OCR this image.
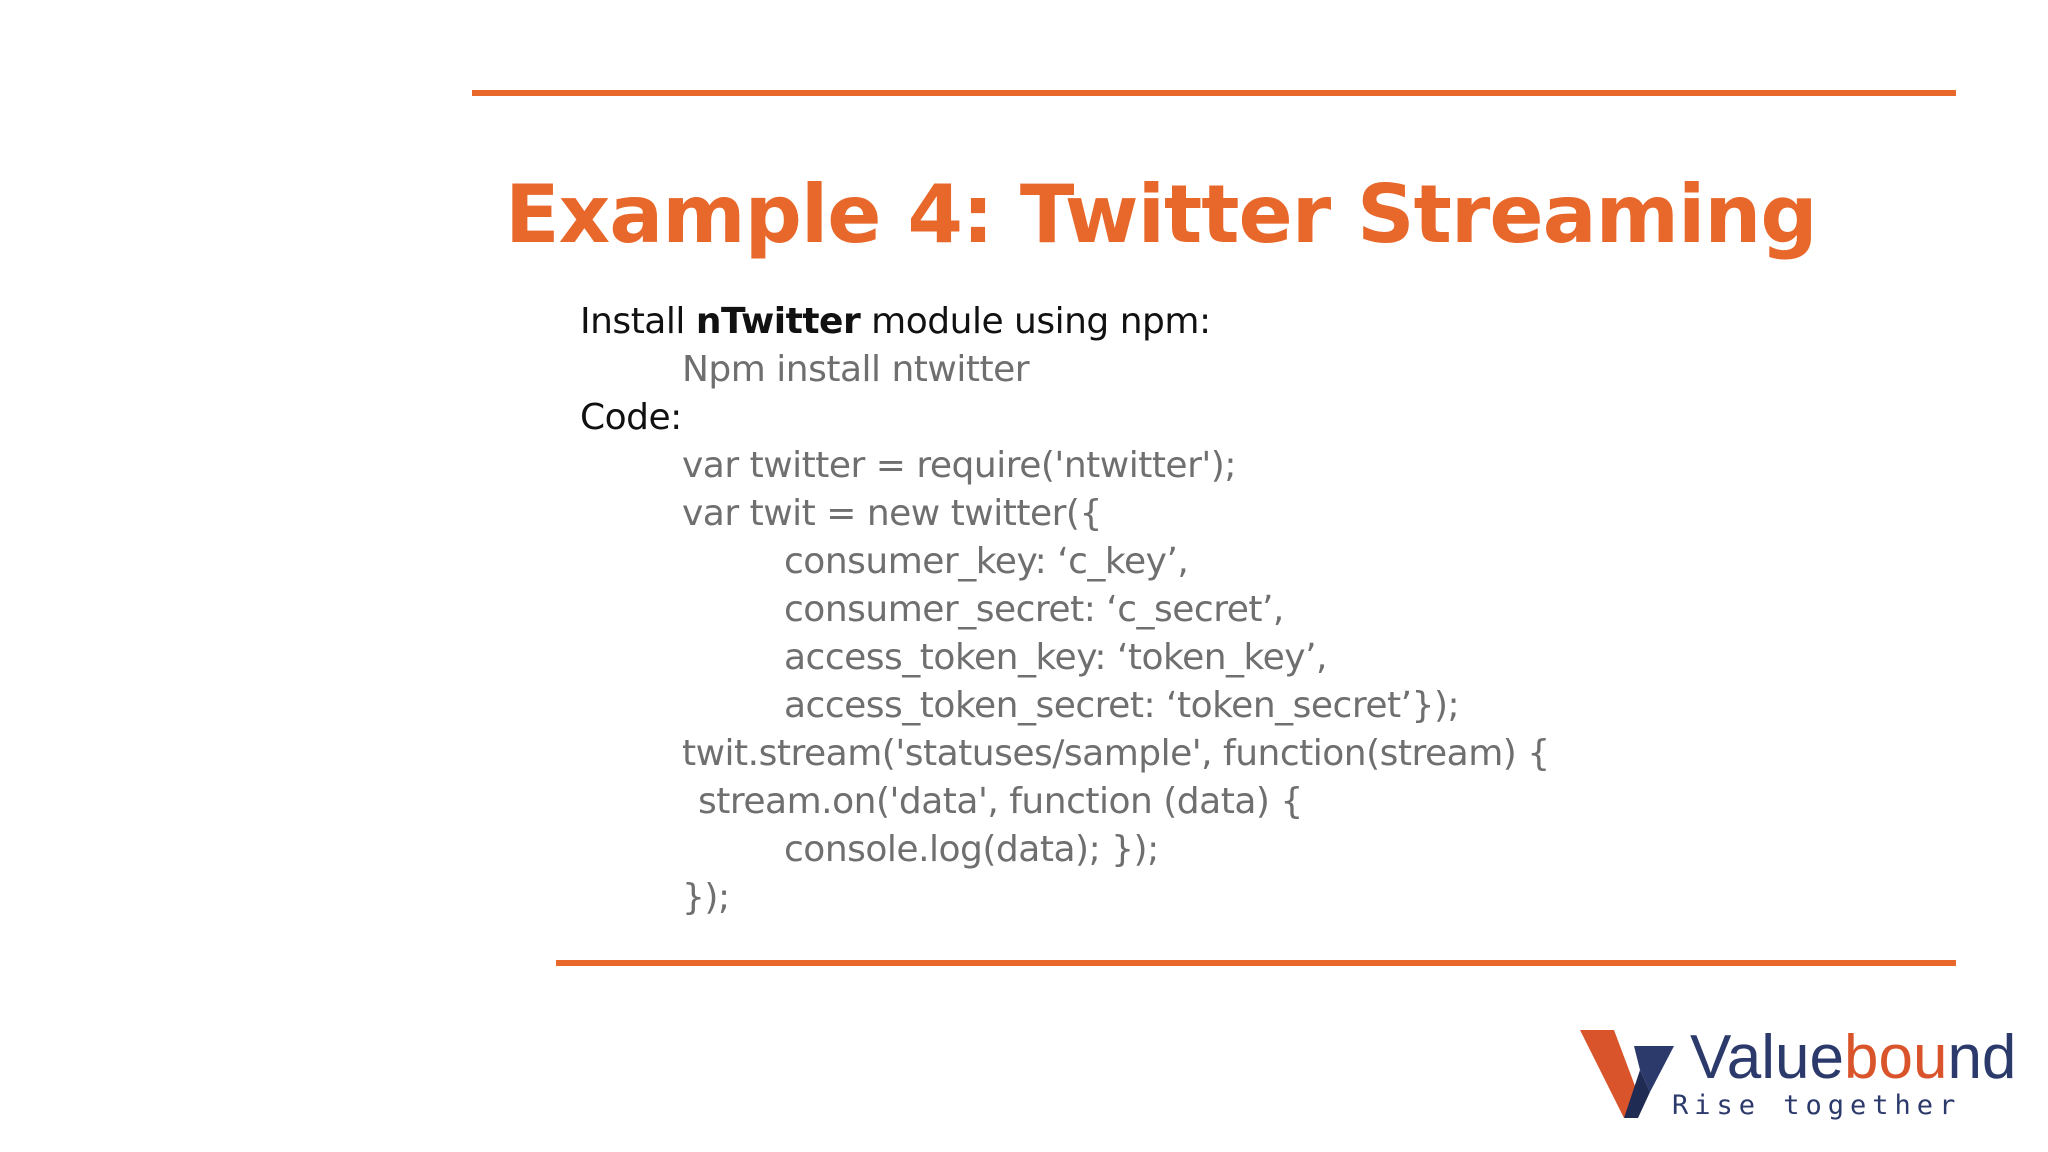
Example 4: Twitter Streaming
Install nTwitter module using npm:
Npm install ntwitter
Code:
var twitter = require('ntwitter');
var twit = new twitter({
consumer_key: ‘c_key’,
consumer_secret: ‘c_secret’,
access_token_key: ‘token_key’,
access_token_secret: ‘token_secret’});
twit.stream('statuses/sample', function(stream) {
stream.on('data', function (data) {
console.log(data); });
});
Valuebound
Rise together
